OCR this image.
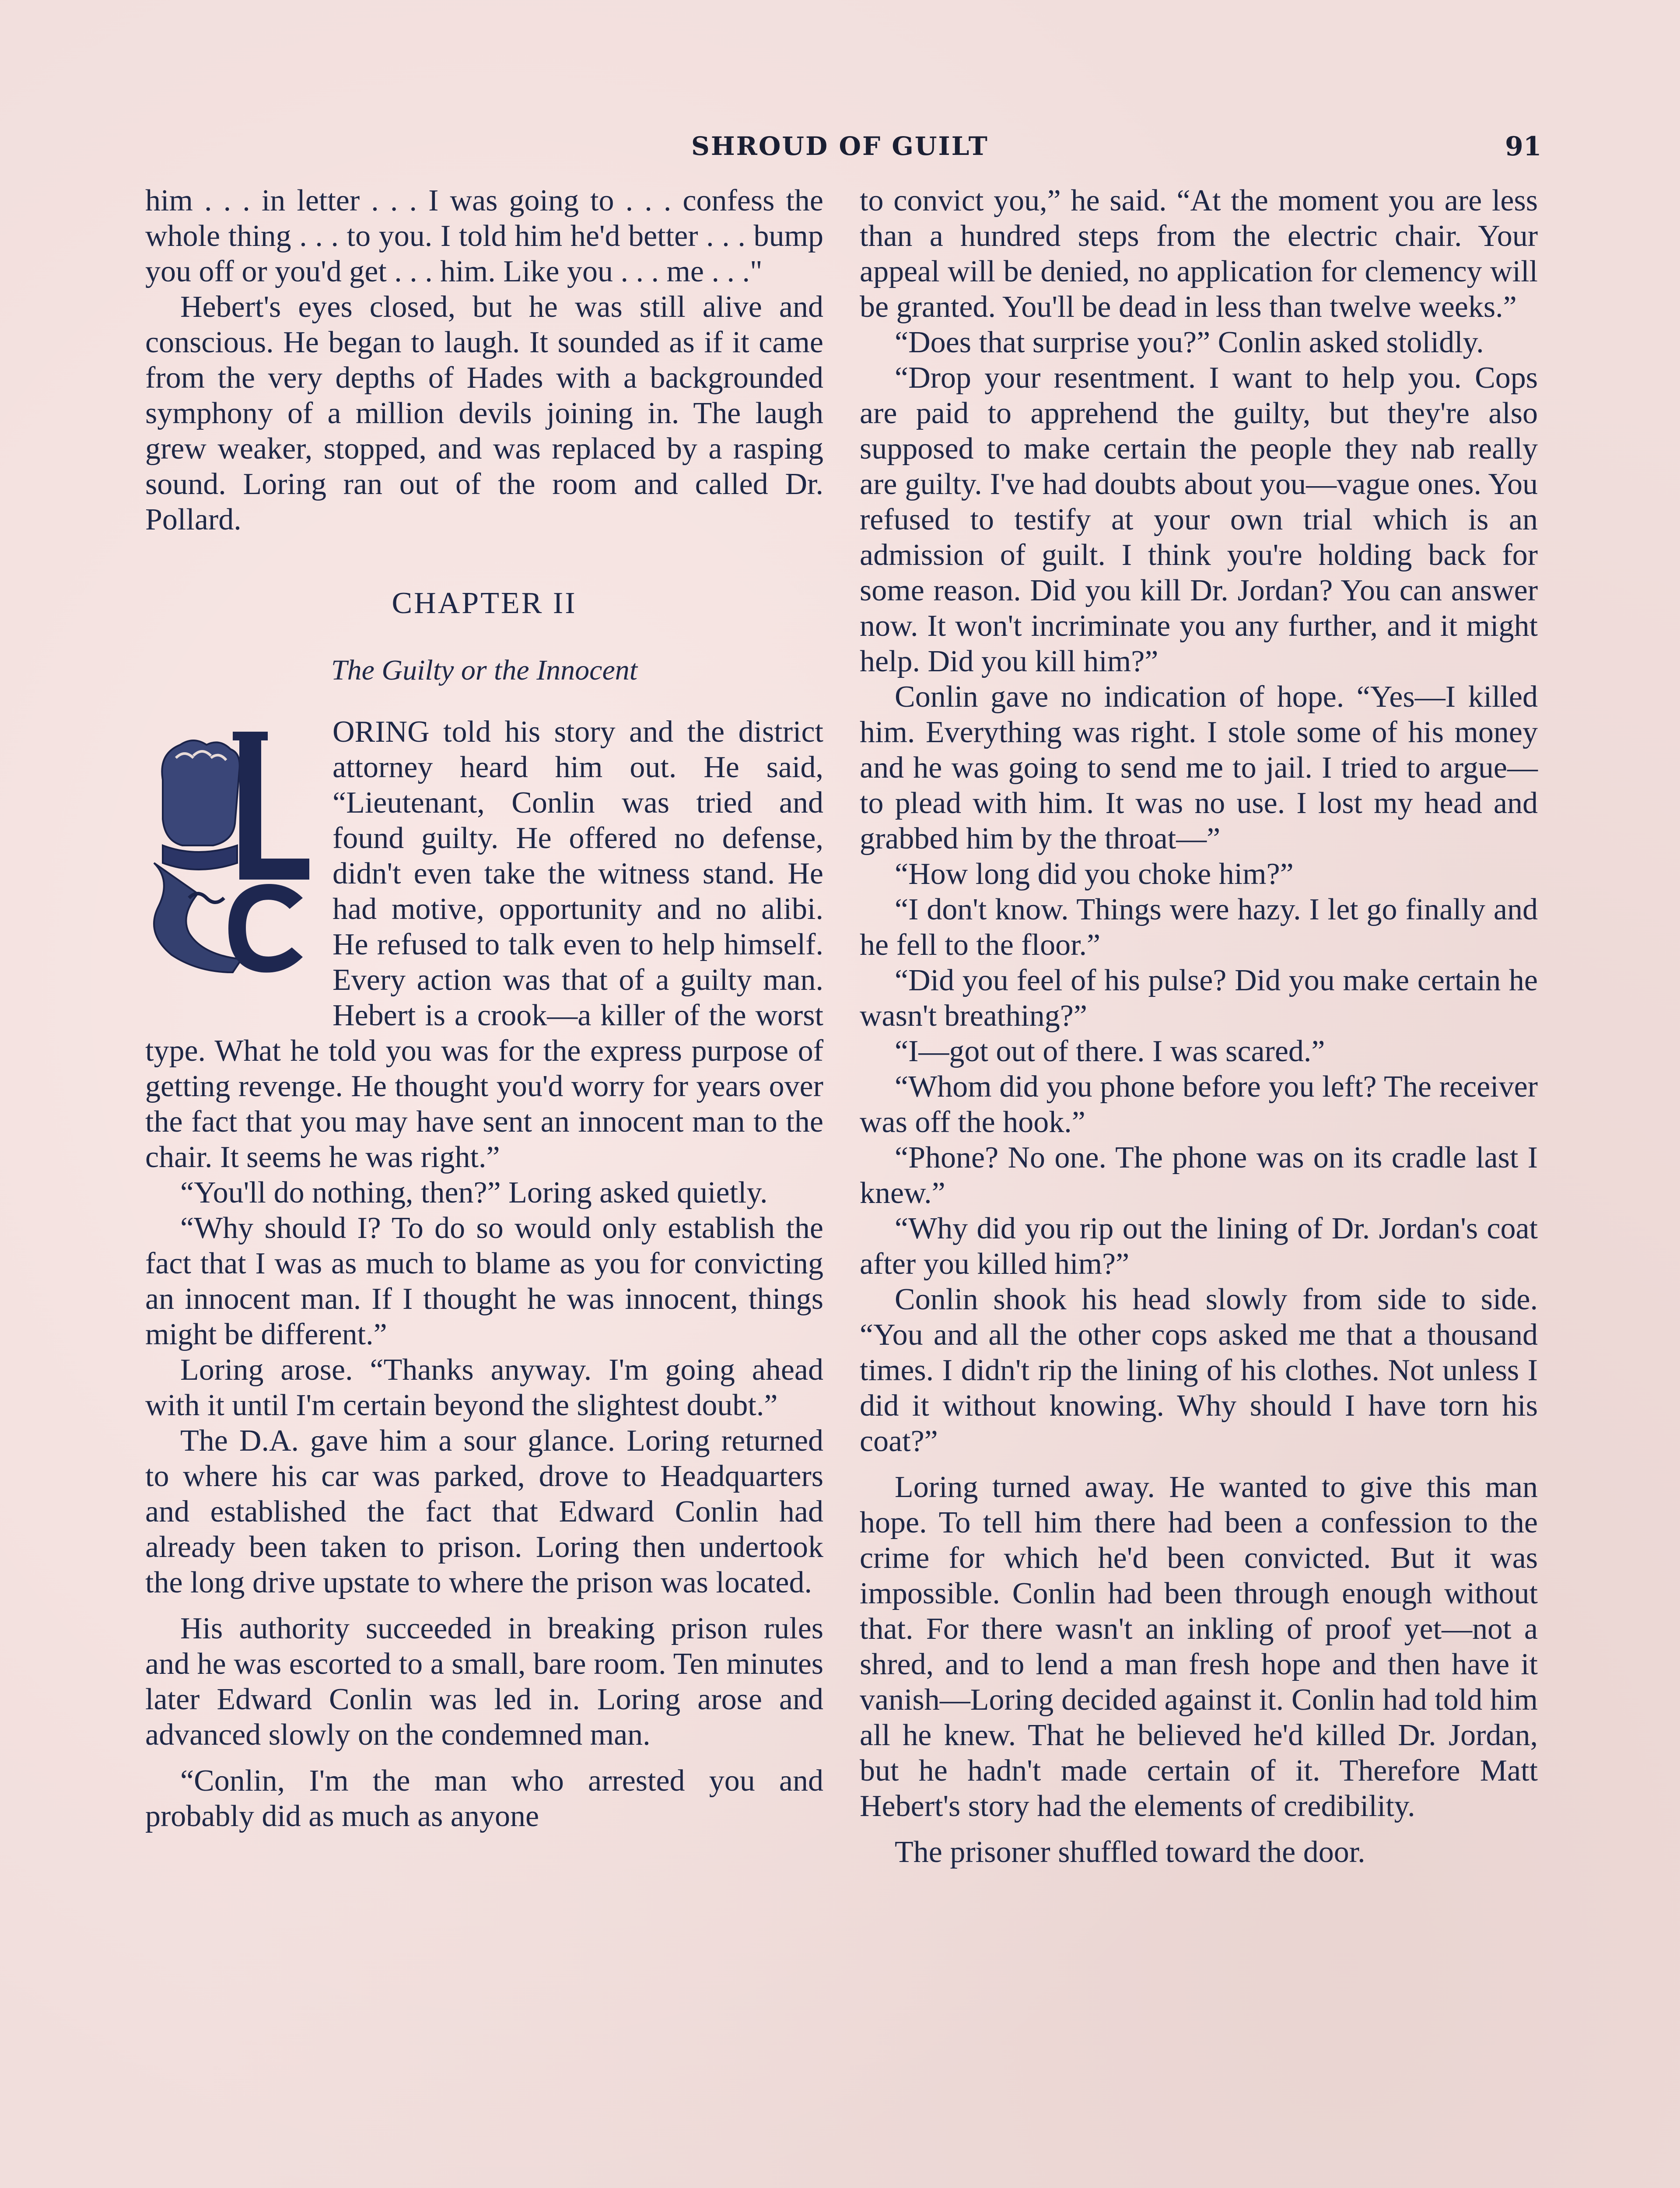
SHROUD OF GUILT	91

him . . . in letter . . . I was going to . . . confess the whole thing . . . to you. I told him he'd better . . . bump you off or you'd get . . . him. Like you . . . me . . ."

Hebert's eyes closed, but he was still alive and conscious. He began to laugh. It sounded as if it came from the very depths of Hades with a backgrounded symphony of a million devils joining in. The laugh grew weaker, stopped, and was replaced by a rasping sound. Loring ran out of the room and called Dr. Pollard.

CHAPTER II
The Guilty or the Innocent

ORING told his story and the district attorney heard him out. He said, “Lieutenant, Conlin was tried and found guilty. He offered no defense, didn't even take the witness stand. He had motive, opportunity and no alibi. He refused to talk even to help himself. Every action was that of a guilty man. Hebert is a crook—a killer of the worst type. What he told you was for the express purpose of getting revenge. He thought you'd worry for years over the fact that you may have sent an innocent man to the chair. It seems he was right.”

“You'll do nothing, then?” Loring asked quietly.

“Why should I? To do so would only establish the fact that I was as much to blame as you for convicting an innocent man. If I thought he was innocent, things might be different.”

Loring arose. “Thanks anyway. I'm going ahead with it until I'm certain beyond the slightest doubt.”

The D.A. gave him a sour glance. Loring returned to where his car was parked, drove to Headquarters and established the fact that Edward Conlin had already been taken to prison. Loring then undertook the long drive upstate to where the prison was located.

His authority succeeded in breaking prison rules and he was escorted to a small, bare room. Ten minutes later Edward Conlin was led in. Loring arose and advanced slowly on the condemned man.

“Conlin, I'm the man who arrested you and probably did as much as anyone

to convict you,” he said. “At the moment you are less than a hundred steps from the electric chair. Your appeal will be denied, no application for clemency will be granted. You'll be dead in less than twelve weeks.”

“Does that surprise you?” Conlin asked stolidly.

“Drop your resentment. I want to help you. Cops are paid to apprehend the guilty, but they're also supposed to make certain the people they nab really are guilty. I've had doubts about you—vague ones. You refused to testify at your own trial which is an admission of guilt. I think you're holding back for some reason. Did you kill Dr. Jordan? You can answer now. It won't incriminate you any further, and it might help. Did you kill him?”

Conlin gave no indication of hope. “Yes—I killed him. Everything was right. I stole some of his money and he was going to send me to jail. I tried to argue—to plead with him. It was no use. I lost my head and grabbed him by the throat—”

“How long did you choke him?”

“I don't know. Things were hazy. I let go finally and he fell to the floor.”

“Did you feel of his pulse? Did you make certain he wasn't breathing?”

“I—got out of there. I was scared.”

“Whom did you phone before you left? The receiver was off the hook.”

“Phone? No one. The phone was on its cradle last I knew.”

“Why did you rip out the lining of Dr. Jordan's coat after you killed him?”

Conlin shook his head slowly from side to side. “You and all the other cops asked me that a thousand times. I didn't rip the lining of his clothes. Not unless I did it without knowing. Why should I have torn his coat?”

Loring turned away. He wanted to give this man hope. To tell him there had been a confession to the crime for which he'd been convicted. But it was impossible. Conlin had been through enough without that. For there wasn't an inkling of proof yet—not a shred, and to lend a man fresh hope and then have it vanish—Loring decided against it. Conlin had told him all he knew. That he believed he'd killed Dr. Jordan, but he hadn't made certain of it. Therefore Matt Hebert's story had the elements of credibility.

The prisoner shuffled toward the door.
